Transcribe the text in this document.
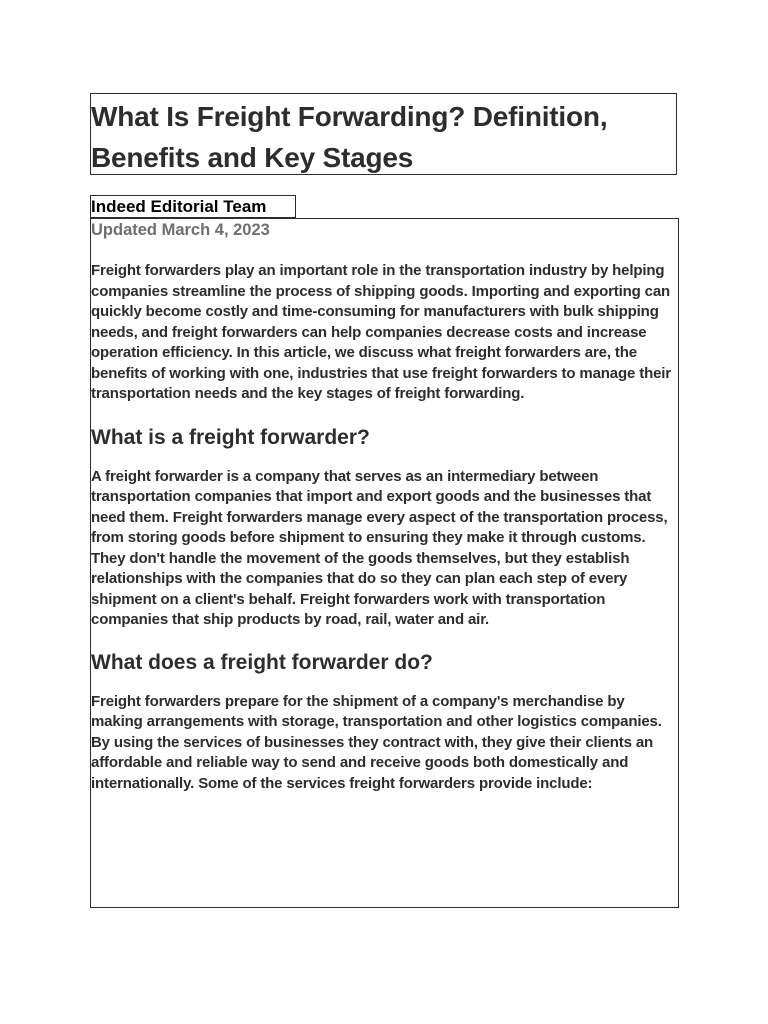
What Is Freight Forwarding? Definition, Benefits and Key Stages

Indeed Editorial Team

Updated March 4, 2023

Freight forwarders play an important role in the transportation industry by helping companies streamline the process of shipping goods. Importing and exporting can quickly become costly and time-consuming for manufacturers with bulk shipping needs, and freight forwarders can help companies decrease costs and increase operation efficiency. In this article, we discuss what freight forwarders are, the benefits of working with one, industries that use freight forwarders to manage their transportation needs and the key stages of freight forwarding.

What is a freight forwarder?

A freight forwarder is a company that serves as an intermediary between transportation companies that import and export goods and the businesses that need them. Freight forwarders manage every aspect of the transportation process, from storing goods before shipment to ensuring they make it through customs. They don't handle the movement of the goods themselves, but they establish relationships with the companies that do so they can plan each step of every shipment on a client's behalf. Freight forwarders work with transportation companies that ship products by road, rail, water and air.

What does a freight forwarder do?

Freight forwarders prepare for the shipment of a company's merchandise by making arrangements with storage, transportation and other logistics companies. By using the services of businesses they contract with, they give their clients an affordable and reliable way to send and receive goods both domestically and internationally. Some of the services freight forwarders provide include:
